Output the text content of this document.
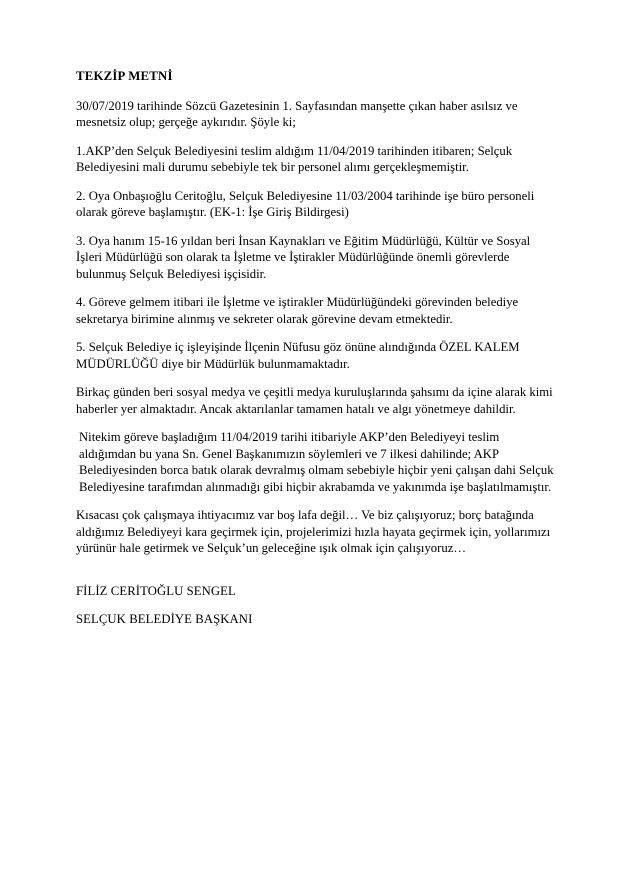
TEKZİP METNİ

30/07/2019 tarihinde Sözcü Gazetesinin 1. Sayfasından manşette çıkan haber asılsız ve mesnetsiz olup; gerçeğe aykırıdır. Şöyle ki;

1.AKP’den Selçuk Belediyesini teslim aldığım 11/04/2019 tarihinden itibaren; Selçuk Belediyesini mali durumu sebebiyle tek bir personel alımı gerçekleşmemiştir.

2. Oya Onbaşıoğlu Ceritoğlu, Selçuk Belediyesine 11/03/2004 tarihinde işe büro personeli olarak göreve başlamıştır. (EK-1: İşe Giriş Bildirgesi)

3. Oya hanım 15-16 yıldan beri İnsan Kaynakları ve Eğitim Müdürlüğü, Kültür ve Sosyal İşleri Müdürlüğü son olarak ta İşletme ve İştirakler Müdürlüğünde önemli görevlerde bulunmuş Selçuk Belediyesi işçisidir.

4. Göreve gelmem itibari ile İşletme ve iştirakler Müdürlüğündeki görevinden belediye sekretarya birimine alınmış ve sekreter olarak görevine devam etmektedir.

5. Selçuk Belediye iç işleyişinde İlçenin Nüfusu göz önüne alındığında ÖZEL KALEM MÜDÜRLÜĞÜ diye bir Müdürlük bulunmamaktadır.

Birkaç günden beri sosyal medya ve çeşitli medya kuruluşlarında şahsımı da içine alarak kimi haberler yer almaktadır. Ancak aktarılanlar tamamen hatalı ve algı yönetmeye dahildir.

Nitekim göreve başladığım 11/04/2019 tarihi itibariyle AKP’den Belediyeyi teslim aldığımdan bu yana Sn. Genel Başkanımızın söylemleri ve 7 ilkesi dahilinde; AKP Belediyesinden borca batık olarak devralmış olmam sebebiyle hiçbir yeni çalışan dahi Selçuk Belediyesine tarafımdan alınmadığı gibi hiçbir akrabamda ve yakınımda işe başlatılmamıştır.

Kısacası çok çalışmaya ihtiyacımız var boş lafa değil… Ve biz çalışıyoruz; borç batağında aldığımız Belediyeyi kara geçirmek için, projelerimizi hızla hayata geçirmek için, yollarımızı yürünür hale getirmek ve Selçuk’un geleceğine ışık olmak için çalışıyoruz…

FİLİZ CERİTOĞLU SENGEL

SELÇUK BELEDİYE BAŞKANI
